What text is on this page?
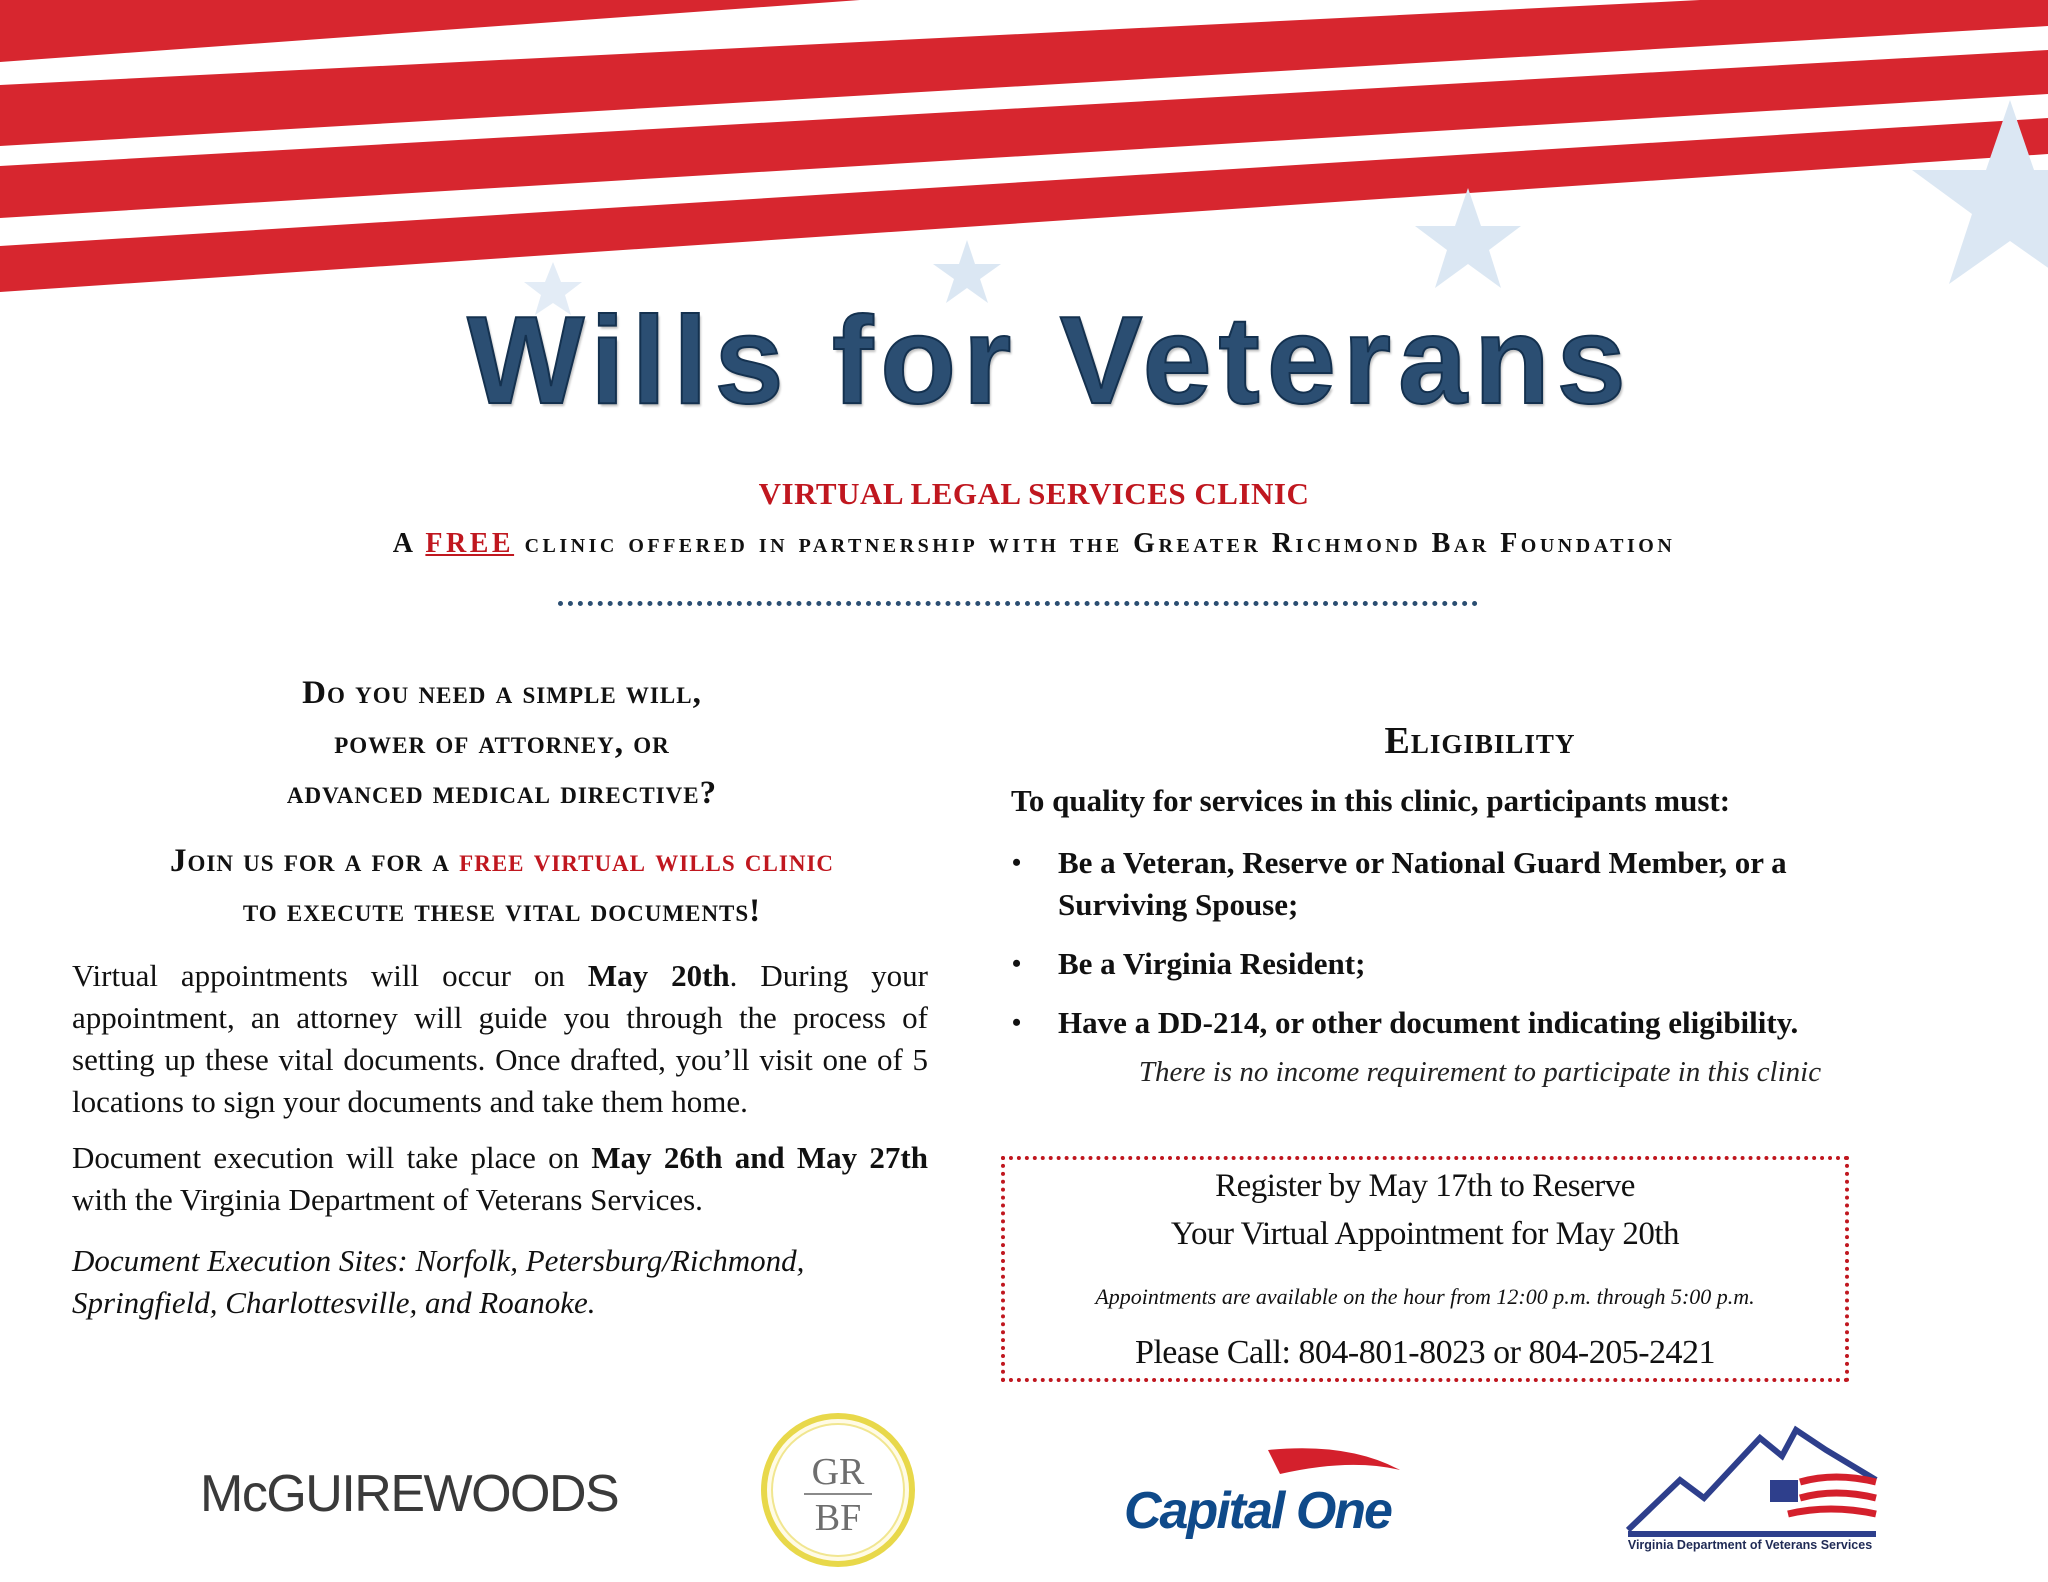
Wills for Veterans
VIRTUAL LEGAL SERVICES CLINIC
A FREE clinic offered in partnership with the Greater Richmond Bar Foundation
Do you need a simple will,
power of attorney, or
advanced medical directive?
Join us for a for a free virtual wills clinic
to execute these vital documents!
Virtual appointments will occur on May 20th. During your appointment, an attorney will guide you through the process of setting up these vital documents. Once drafted, you’ll visit one of 5 locations to sign your documents and take them home.
Document execution will take place on May 26th and May 27th with the Virginia Department of Veterans Services.
Document Execution Sites: Norfolk, Petersburg/Richmond, Springfield, Charlottesville, and Roanoke.
Eligibility
To quality for services in this clinic, participants must:
• Be a Veteran, Reserve or National Guard Member, or a Surviving Spouse;
• Be a Virginia Resident;
• Have a DD-214, or other document indicating eligibility.
There is no income requirement to participate in this clinic
Register by May 17th to Reserve
Your Virtual Appointment for May 20th
Appointments are available on the hour from 12:00 p.m. through 5:00 p.m.
Please Call: 804-801-8023 or 804-205-2421
McGUIREWOODS	GR
BF	Capital One
Virginia Department of Veterans Services
